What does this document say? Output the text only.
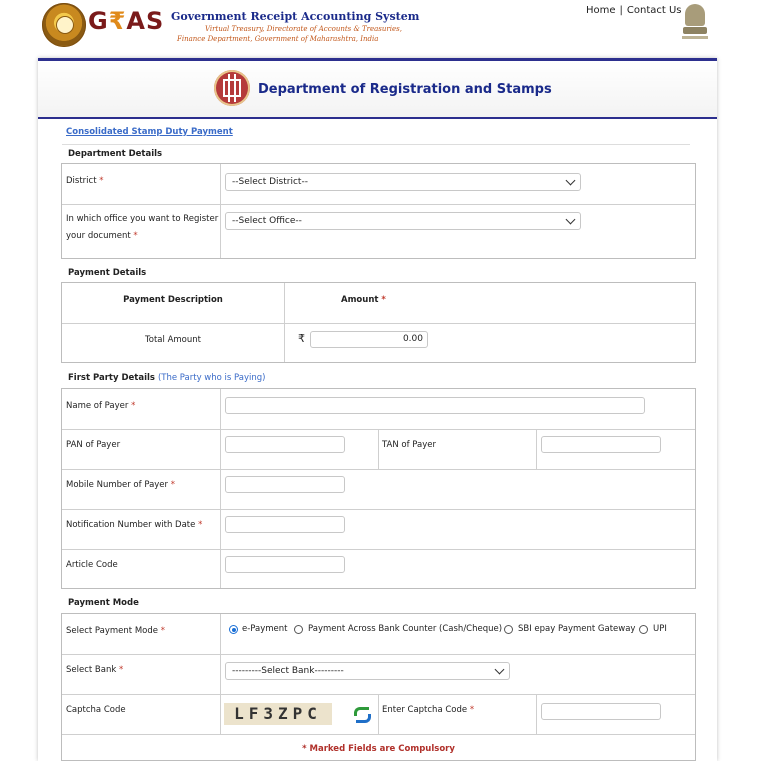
G₹AS Government Receipt Accounting System
Virtual Treasury, Directorate of Accounts & Treasuries,
Finance Department, Government of Maharashtra, India
Home | Contact Us
Department of Registration and Stamps
Consolidated Stamp Duty Payment
Department Details
District *	--Select District--
In which office you want to Register
your document *
--Select Office--
Payment Details
Payment Description	Amount *
Total Amount	₹	0.00
First Party Details (The Party who is Paying)
Name of Payer *
PAN of Payer	TAN of Payer
Mobile Number of Payer *
Notification Number with Date *
Article Code
Payment Mode
Select Payment Mode *	e-Payment Payment Across Bank Counter (Cash/Cheque) SBI epay Payment Gateway UPI
Select Bank *	---------Select Bank---------
Captcha Code	LF3ZPC	Enter Captcha Code *
* Marked Fields are Compulsory
